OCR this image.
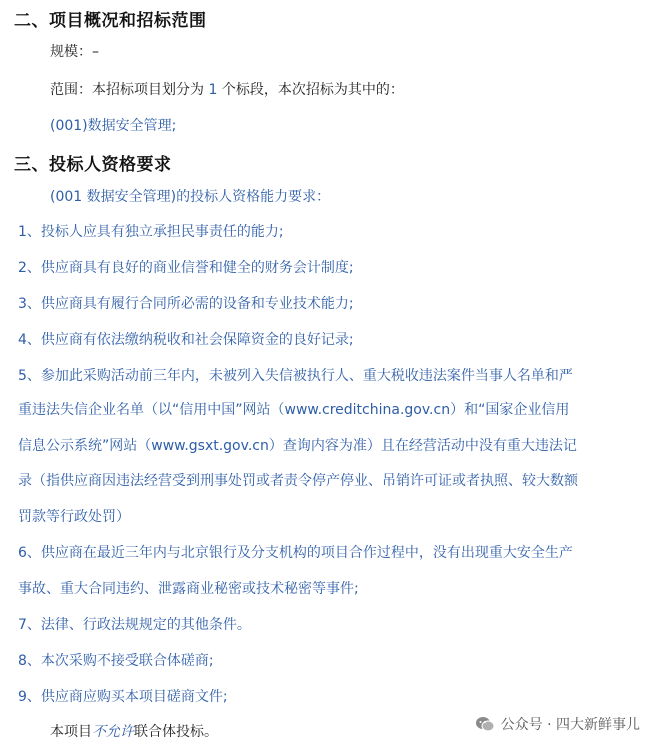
二、项目概况和招标范围
规模：–
范围：本招标项目划分为 1 个标段，本次招标为其中的：
(001)数据安全管理;
三、投标人资格要求
(001 数据安全管理)的投标人资格能力要求：
1、投标人应具有独立承担民事责任的能力;
2、供应商具有良好的商业信誉和健全的财务会计制度;
3、供应商具有履行合同所必需的设备和专业技术能力;
4、供应商有依法缴纳税收和社会保障资金的良好记录;
5、参加此采购活动前三年内，未被列入失信被执行人、重大税收违法案件当事人名单和严
重违法失信企业名单（以“信用中国”网站（www.creditchina.gov.cn）和“国家企业信用
信息公示系统”网站（www.gsxt.gov.cn）查询内容为准）且在经营活动中没有重大违法记
录（指供应商因违法经营受到刑事处罚或者责令停产停业、吊销许可证或者执照、较大数额
罚款等行政处罚）
6、供应商在最近三年内与北京银行及分支机构的项目合作过程中，没有出现重大安全生产
事故、重大合同违约、泄露商业秘密或技术秘密等事件;
7、法律、行政法规规定的其他条件。
8、本次采购不接受联合体磋商;
9、供应商应购买本项目磋商文件;
本项目不允许联合体投标。	公众号 · 四大新鲜事儿
